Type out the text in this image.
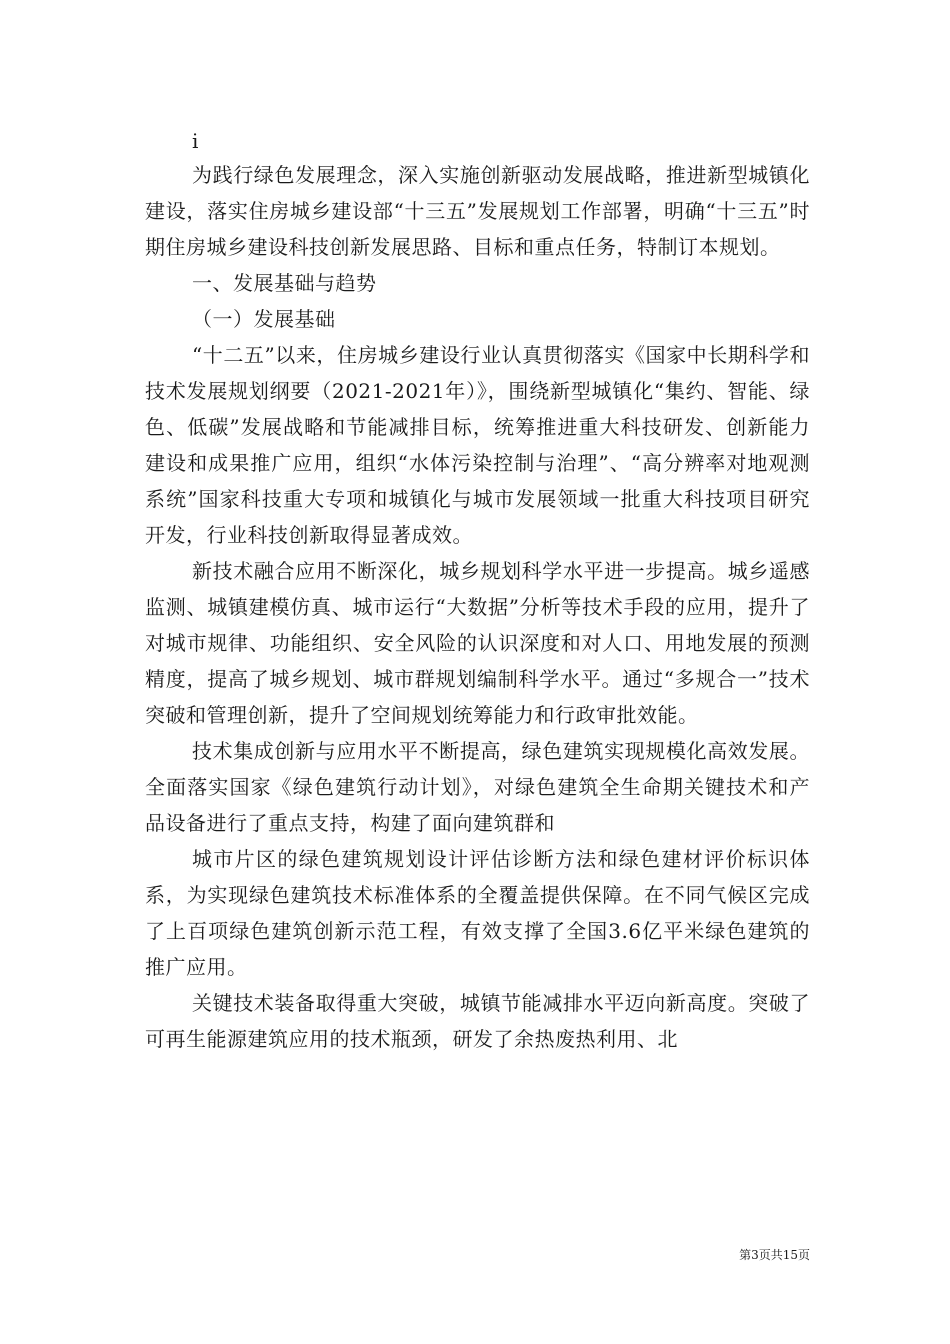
i

为践行绿色发展理念，深入实施创新驱动发展战略，推进新型城镇化建设，落实住房城乡建设部“十三五”发展规划工作部署，明确“十三五”时期住房城乡建设科技创新发展思路、目标和重点任务，特制订本规划。

一、发展基础与趋势

（一）发展基础

“十二五”以来，住房城乡建设行业认真贯彻落实《国家中长期科学和技术发展规划纲要（2021-2021年）》，围绕新型城镇化“集约、智能、绿色、低碳”发展战略和节能减排目标，统筹推进重大科技研发、创新能力建设和成果推广应用，组织“水体污染控制与治理”、“高分辨率对地观测系统”国家科技重大专项和城镇化与城市发展领域一批重大科技项目研究开发，行业科技创新取得显著成效。

新技术融合应用不断深化，城乡规划科学水平进一步提高。城乡遥感监测、城镇建模仿真、城市运行“大数据”分析等技术手段的应用，提升了对城市规律、功能组织、安全风险的认识深度和对人口、用地发展的预测精度，提高了城乡规划、城市群规划编制科学水平。通过“多规合一”技术突破和管理创新，提升了空间规划统筹能力和行政审批效能。

技术集成创新与应用水平不断提高，绿色建筑实现规模化高效发展。全面落实国家《绿色建筑行动计划》，对绿色建筑全生命期关键技术和产品设备进行了重点支持，构建了面向建筑群和

城市片区的绿色建筑规划设计评估诊断方法和绿色建材评价标识体系，为实现绿色建筑技术标准体系的全覆盖提供保障。在不同气候区完成了上百项绿色建筑创新示范工程，有效支撑了全国3.6亿平米绿色建筑的推广应用。

关键技术装备取得重大突破，城镇节能减排水平迈向新高度。突破了可再生能源建筑应用的技术瓶颈，研发了余热废热利用、北

第3页共15页
